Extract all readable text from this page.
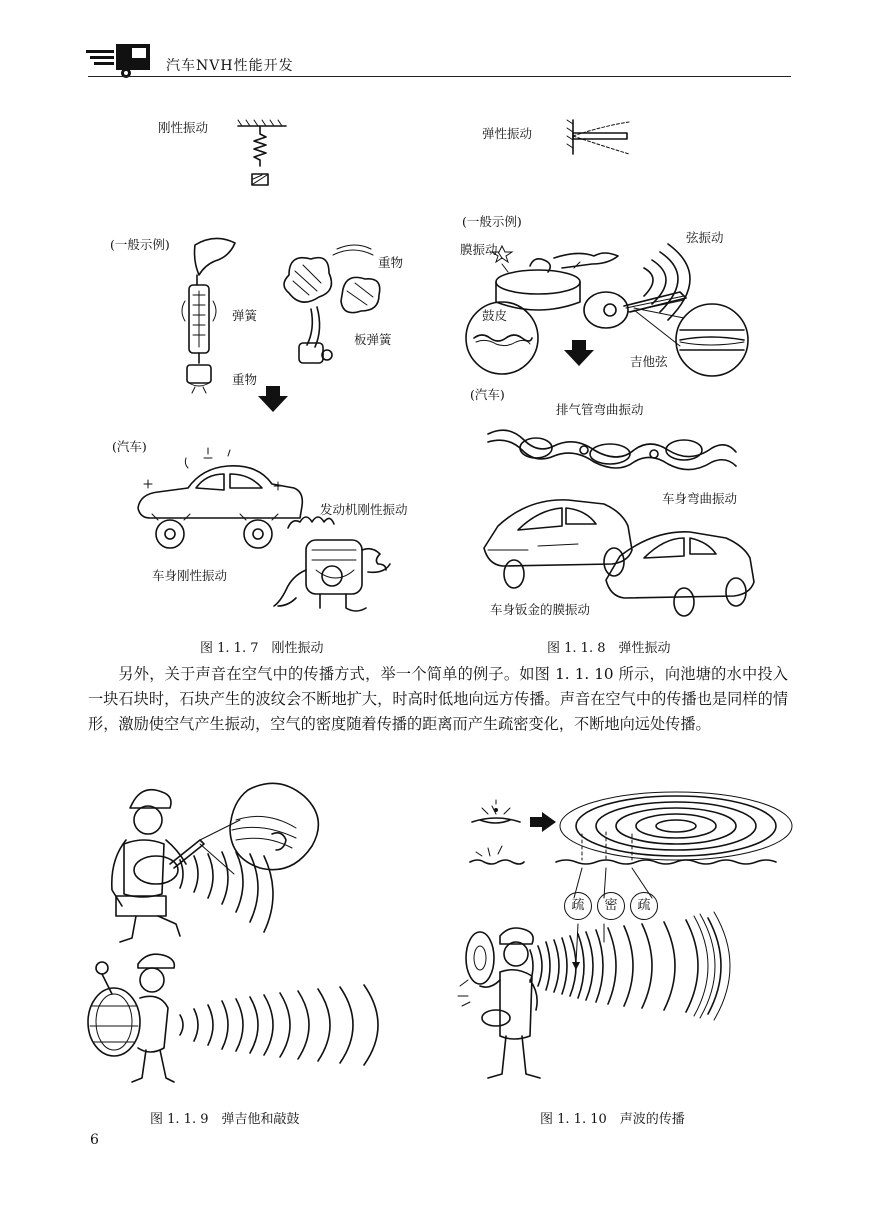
汽车NVH性能开发
刚性振动
(一般示例)
弹簧
重物
重物
板弹簧
(汽车)
发动机刚性振动
车身刚性振动
图 1. 1. 7　刚性振动
弹性振动
(一般示例)
膜振动
弦振动
鼓皮
吉他弦
(汽车)
排气管弯曲振动
车身弯曲振动
车身钣金的膜振动
图 1. 1. 8　弹性振动

另外，关于声音在空气中的传播方式，举一个简单的例子。如图 1. 1. 10 所示，向池塘的水中投入一块石块时，石块产生的波纹会不断地扩大，时高时低地向远方传播。声音在空气中的传播也是同样的情形，激励使空气产生振动，空气的密度随着传播的距离而产生疏密变化，不断地向远处传播。

图 1. 1. 9　弹吉他和敲鼓
疏	密	疏
图 1. 1. 10　声波的传播
6
